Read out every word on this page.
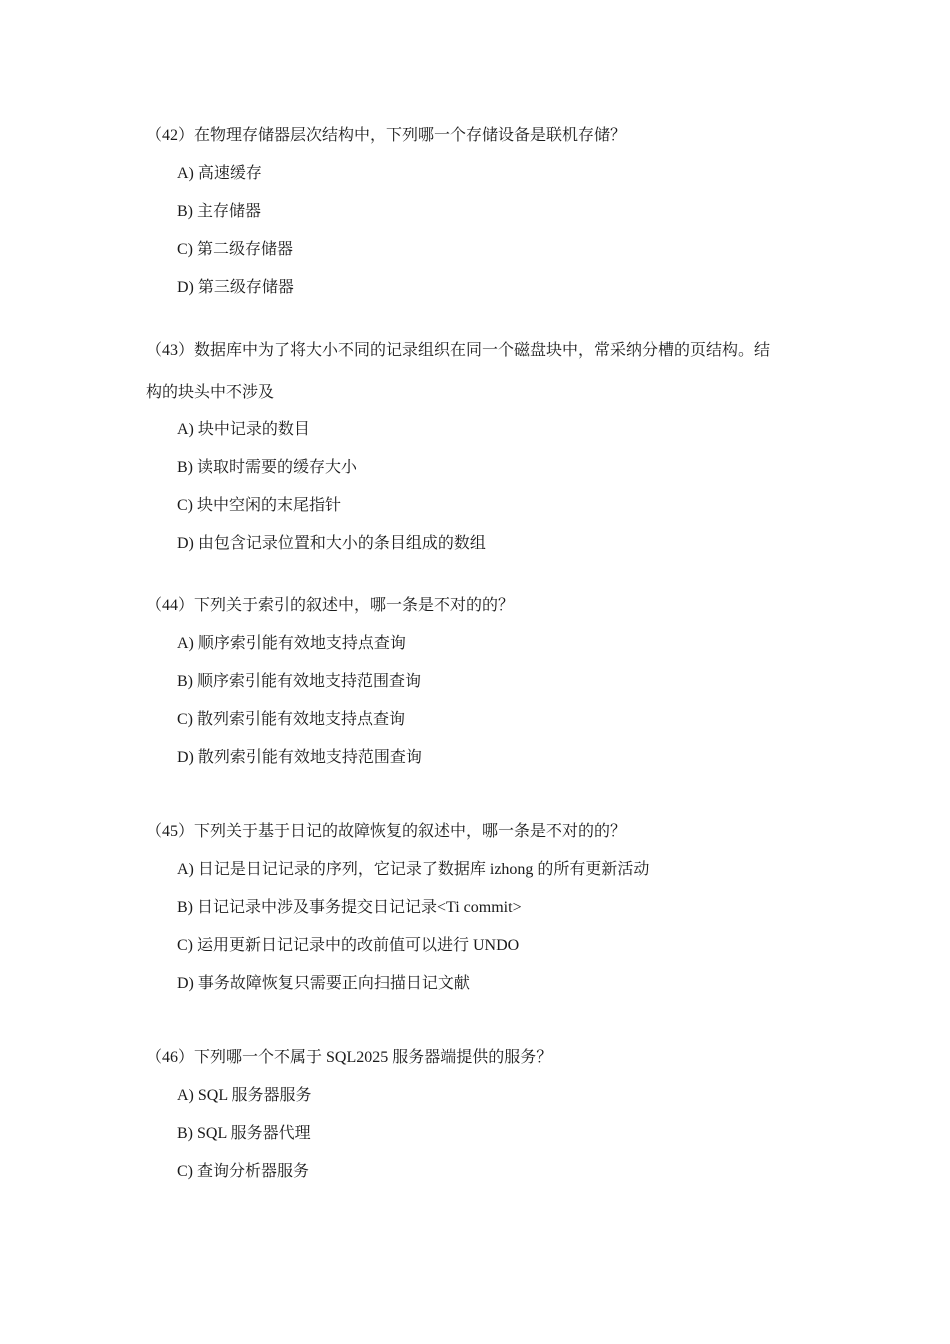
（42）在物理存储器层次结构中，下列哪一个存储设备是联机存储？
A) 高速缓存
B) 主存储器
C) 第二级存储器
D) 第三级存储器
（43）数据库中为了将大小不同的记录组织在同一个磁盘块中，常采纳分槽的页结构。结
构的块头中不涉及
A) 块中记录的数目
B) 读取时需要的缓存大小
C) 块中空闲的末尾指针
D) 由包含记录位置和大小的条目组成的数组
（44）下列关于索引的叙述中，哪一条是不对的的？
A) 顺序索引能有效地支持点查询
B) 顺序索引能有效地支持范围查询
C) 散列索引能有效地支持点查询
D) 散列索引能有效地支持范围查询
（45）下列关于基于日记的故障恢复的叙述中，哪一条是不对的的？
A) 日记是日记记录的序列，它记录了数据库 izhong 的所有更新活动
B) 日记记录中涉及事务提交日记记录<Ti commit>
C) 运用更新日记记录中的改前值可以进行 UNDO
D) 事务故障恢复只需要正向扫描日记文献
（46）下列哪一个不属于 SQL2025 服务器端提供的服务？
A) SQL 服务器服务
B) SQL 服务器代理
C) 查询分析器服务
